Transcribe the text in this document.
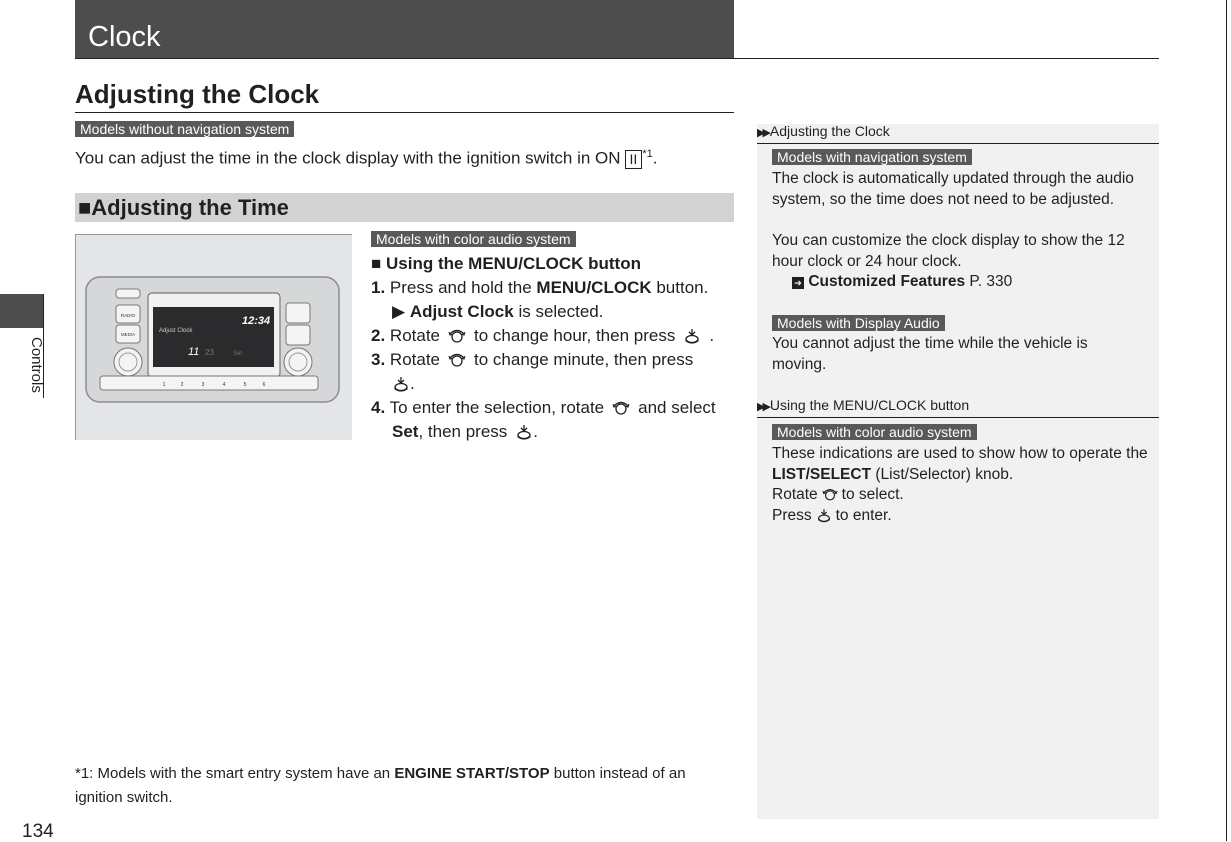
Clock
Controls
134
Adjusting the Clock
Models without navigation system
You can adjust the time in the clock display with the ignition switch in ON II $^{*1}$.
■Adjusting the Time
RADIO
MEDIA
Adjust Clock
12:34
11 23	Set
1	2	3	4	5	6
Models with color audio system

■ Using the MENU/CLOCK button

1. Press and hold the MENU/CLOCK button.

▶ Adjust Clock is selected.

2. Rotate to change hour, then press .

3. Rotate to change minute, then press

.

4. To enter the selection, rotate and select

Set, then press .

*1: Models with the smart entry system have an ENGINE START/STOP button instead of an ignition switch.
▶▶ Adjusting the Clock
Models with navigation system
The clock is automatically updated through the audio system, so the time does not need to be adjusted.
You can customize the clock display to show the 12 hour clock or 24 hour clock.
➔ Customized Features P. 330
Models with Display Audio
You cannot adjust the time while the vehicle is moving.
▶▶ Using the MENU/CLOCK button
Models with color audio system
These indications are used to show how to operate the LIST/SELECT (List/Selector) knob.
Rotate to select.
Press to enter.
